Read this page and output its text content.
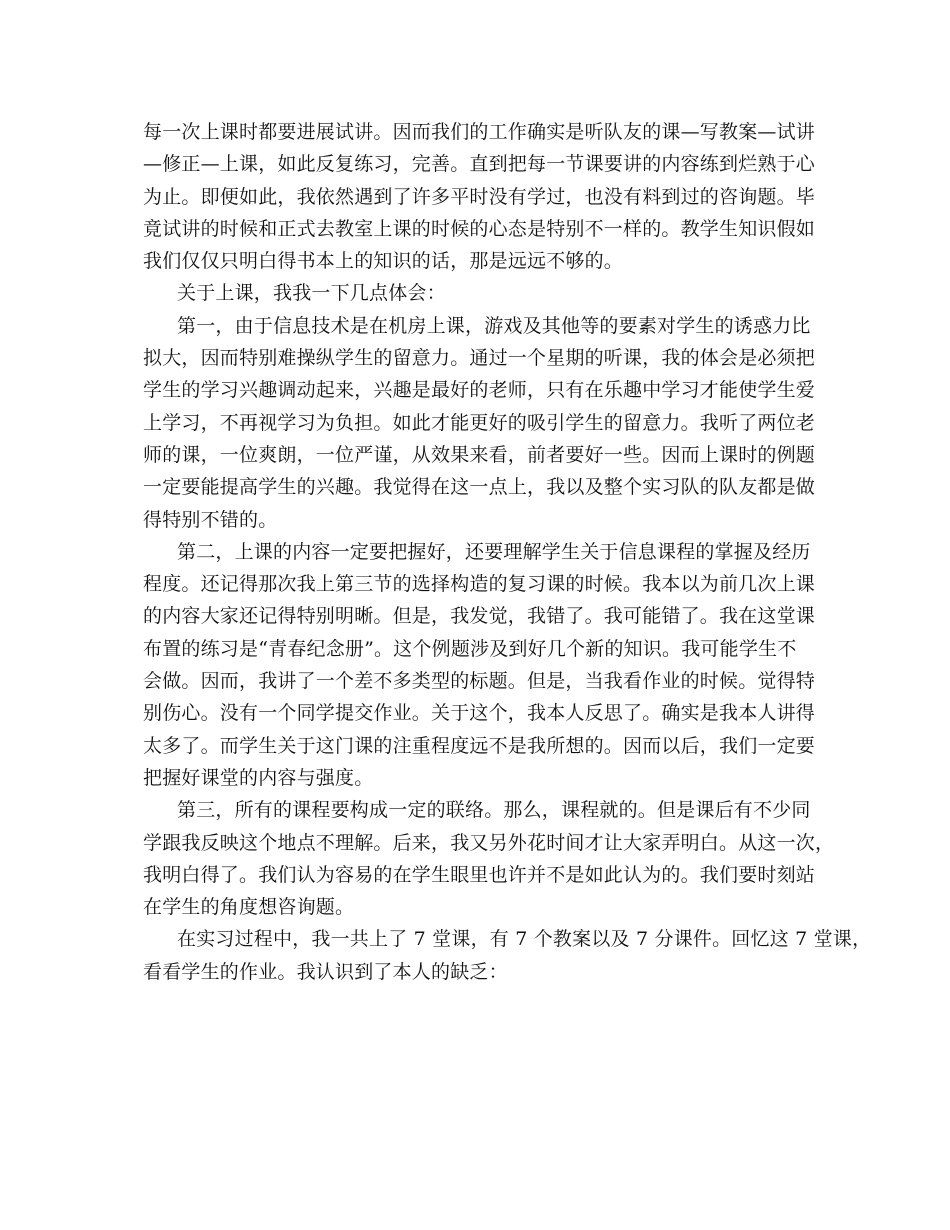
每一次上课时都要进展试讲。因而我们的工作确实是听队友的课—写教案—试讲
—修正—上课，如此反复练习，完善。直到把每一节课要讲的内容练到烂熟于心
为止。即便如此，我依然遇到了许多平时没有学过，也没有料到过的咨询题。毕
竟试讲的时候和正式去教室上课的时候的心态是特别不一样的。教学生知识假如
我们仅仅只明白得书本上的知识的话，那是远远不够的。
关于上课，我我一下几点体会：
第一，由于信息技术是在机房上课，游戏及其他等的要素对学生的诱惑力比
拟大，因而特别难操纵学生的留意力。通过一个星期的听课，我的体会是必须把
学生的学习兴趣调动起来，兴趣是最好的老师，只有在乐趣中学习才能使学生爱
上学习，不再视学习为负担。如此才能更好的吸引学生的留意力。我听了两位老
师的课，一位爽朗，一位严谨，从效果来看，前者要好一些。因而上课时的例题
一定要能提高学生的兴趣。我觉得在这一点上，我以及整个实习队的队友都是做
得特别不错的。
第二，上课的内容一定要把握好，还要理解学生关于信息课程的掌握及经历
程度。还记得那次我上第三节的选择构造的复习课的时候。我本以为前几次上课
的内容大家还记得特别明晰。但是，我发觉，我错了。我可能错了。我在这堂课
布置的练习是“青春纪念册”。这个例题涉及到好几个新的知识。我可能学生不
会做。因而，我讲了一个差不多类型的标题。但是，当我看作业的时候。觉得特
别伤心。没有一个同学提交作业。关于这个，我本人反思了。确实是我本人讲得
太多了。而学生关于这门课的注重程度远不是我所想的。因而以后，我们一定要
把握好课堂的内容与强度。
第三，所有的课程要构成一定的联络。那么，课程就的。但是课后有不少同
学跟我反映这个地点不理解。后来，我又另外花时间才让大家弄明白。从这一次，
我明白得了。我们认为容易的在学生眼里也许并不是如此认为的。我们要时刻站
在学生的角度想咨询题。
在实习过程中，我一共上了 7 堂课，有 7 个教案以及 7 分课件。回忆这 7 堂课，
看看学生的作业。我认识到了本人的缺乏：
